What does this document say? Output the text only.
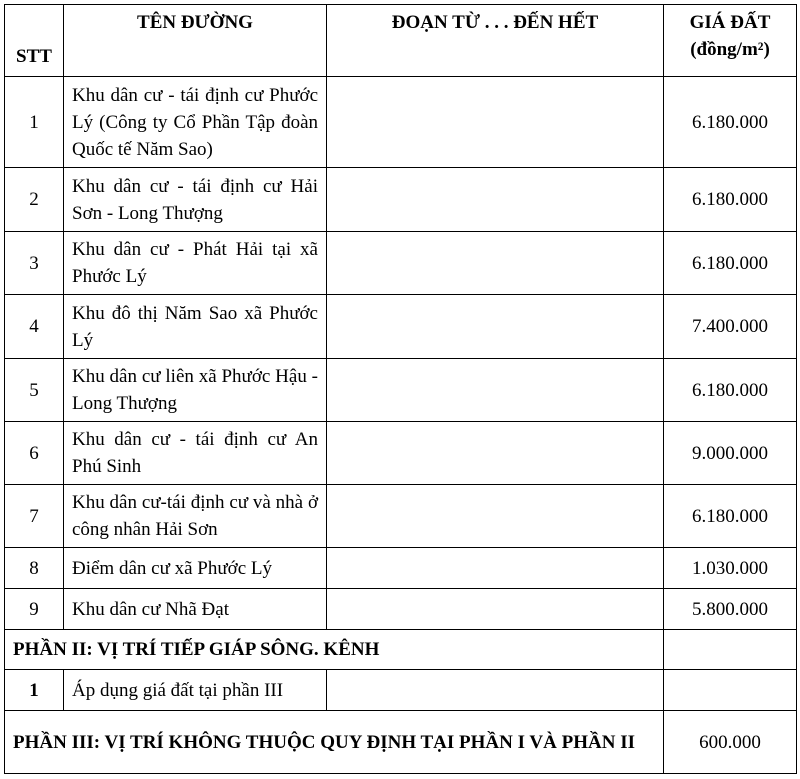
STT	TÊN ĐƯỜNG	ĐOẠN TỪ . . . ĐẾN HẾT	GIÁ ĐẤT
(đồng/m²)

1	Khu dân cư - tái định cư Phước Lý (Công ty Cổ Phần Tập đoàn Quốc tế Năm Sao)		6.180.000
2	Khu dân cư - tái định cư Hải Sơn - Long Thượng		6.180.000
3	Khu dân cư - Phát Hải tại xã Phước Lý		6.180.000
4	Khu đô thị Năm Sao xã Phước Lý		7.400.000
5	Khu dân cư liên xã Phước Hậu - Long Thượng		6.180.000
6	Khu dân cư - tái định cư An Phú Sinh		9.000.000
7	Khu dân cư-tái định cư và nhà ở công nhân Hải Sơn		6.180.000
8	Điểm dân cư xã Phước Lý		1.030.000
9	Khu dân cư Nhã Đạt		5.800.000
PHẦN II: VỊ TRÍ TIẾP GIÁP SÔNG. KÊNH			
1	Áp dụng giá đất tại phần III		
PHẦN III: VỊ TRÍ KHÔNG THUỘC QUY ĐỊNH TẠI PHẦN I VÀ PHẦN II			600.000
